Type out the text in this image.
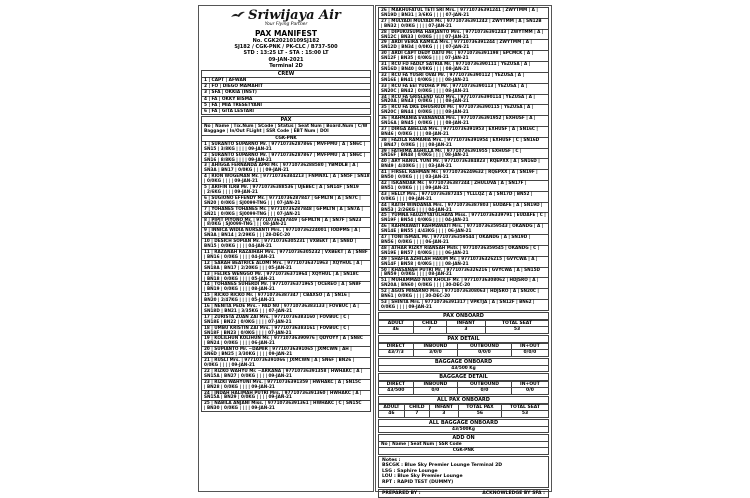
Sriwijaya Air
Your Flying Partner
PAX MANIFEST
No. CGK20210109SJ182
SJ182 / CGK-PNK / PK-CLC / B737-500
STD : 13:25 LT - STA : 15:00 LT
09-JAN-2021
Terminal 2D
CREW
1 | CAPT | AFWAN
2 | FO | DIEGO MAMAHIT
3 | SFA | OKKIA (INST)
4 | FA | OKKY BISMA
5 | FA | MIA TRESETYANI
6 | FA | GITA LESTARI
PAX
No | Name | Tix.Num | SCode | Status | Seat Num | Board.Num | C/W Baggage | In/Out FLight | SSR Code | EBT Num | DOI
CGK-PNK
1 | SURANTO SUPARNO Mr. | 97710736287866 | MVFPMU | A | SN6C |
SN15 | 3/8KG | | | | 09-JAN-21
2 | SURANTO SUPARNO Mr. | 97710736287867 | MVFPMU | A | SN6C |
SN16 | 8/8KG | | | | 09-JAN-21
3 | AHIGGA FERNANDA APRI Mr. | 97710736288580 | YBMDLB | A |
SN3A | BN17 | 0/0KG | | | | 09-JAN-21
4 | RION WOGEMAN Mr. | 97710736384213 | FNMNXL | A | SN5F | SN18
| 0/0KG | | | | 09-JAN-21
5 | ARIFIN ILRB Mr. | 97710736388536 | UJEBEC | A | SN14F | SN19
| 2/6KG | | | | 09-JAN-21
6 | SUGIONO EFFENDY Mr. | 97710736287847 | GFMLTN | A | SN7C |
SN20 | 0/0KG | SJ0099-TNG | | | 07-JAN-21
7 | YOHANES TOHANES Mr. | 97710736287848 | GFMLTN | A | SN7A |
SN21 | 0/0KG | SJ0099-TNG | | | 07-JAN-21
8 | PIPIT PIYONO Mr. | 97710736287849 | GFMLTN | A | SN7F | SN23
| 8/0KG | SJ0099-TNG | | | 08-JAN-21
9 | INNICA WIDIA NURSANTI Mrs. | 97710736224001 | IODPMS | A |
SN3A | BN14 | 2/29KG | | | 28-DEC-20
10 | DESICH SOPIAN Mr. | 97710736305231 | VXBEKT | A | SN8D |
BN15 | 0/0KG | | | | 04-JAN-21
11 | RAZANAH RAZAIHAH Mrs. | 97710736305232 | VXBEKT | A | SN8F
| BN16 | 0/0KG | | | | 04-JAN-21
12 | SARAH BEATRICE ALOMI Mrs. | 97710736371963 | XQYHUL | A |
SN18A | BN17 | 2/20KG | | | 05-JAN-21
13 | FELIKS WENGGO Mr. | 97710736371964 | XQYHUL | A | SN18C
| BN18 | 0/0KG | | | | 05-JAN-21
14 | TOHANES SUHERDI Mr. | 97710736371965 | OCEREO | A | SN8F
| BN19 | 0/0KG | | | | 08-JAN-21
15 | RICKO RICKO Mr. | 97710736387347 | CBAXSO | A | SN16 |
BN20 | 2/47KG | | | | 05-JAN-21
16 | NENITA PEDE Mrs. - PAD NU | 97710736383133 | FOVBUC | A |
SN18D | BN21 | 3/35KG | | | 07-JAN-21
17 | ZURISTA ZUAN ZAI Mrs. | 97710736383160 | FOVBUC | C |
SN18E | BN22 | 0/0KG | | | | 07-JAN-21
18 | UMBU KRISTIN ZAI Mrs. | 97710736383161 | FOVBUC | C |
SN18F | BN23 | 0/0KG | | | | 07-JAN-21
19 | KOLILHUN KOLIHUN Mr. | 97710736390976 | QDYOYY | A | SN8C
| BN24 | 0/0KG | | | | 06-JAN-21
20 | SUPIANTO Mr. ~DAMIR | 97710736391065 | JXMCWN | AH |
SN6D | BN25 | 3/30KG | | | | 09-JAN-21
21 | RUSLI Mrs. | 97710736391066 | JXMCWN | A | SN6F | BN26 |
0/0KG | | | | 09-JAN-21
22 | RIZKO WAHYU Mr. ~ARKANA | 97710736391358 | HWHAKC | A |
SN15A | BN27 | 0/0KG | | | | 09-JAN-21
23 | RIZKI WAHYUNI Mrs. | 97710736391359 | HWHAKC | A | SN15C
| BN28 | 0/0KG | | | | 09-JAN-21
24 | INDAH HALIMAH PUTRI Mrs. | 97710736391360 | HWHAKC | A |
SN15A | BN29 | 0/0KG | | | | 09-JAN-21
25 | NABILA ANJANI Miss. | 97710736391361 | HWHAKC | C | SN15C
| BN30 | 0/0KG | | | | 09-JAN-21
26 | MAKHUFATUL TETI SRI Mrs. | 97710736391241 | ZWYTMM | A |
SN19D | BN31 | 3/6KG | | | | 07-JAN-21
27 | MULYADI MULYADI Mr. | 97710736391242 | ZWYTMM | A | SN12B
| BN32 | 0/0KG | | | | 07-JAN-21
28 | DIPUKUSUMA HARJANTO Mrs. | 97710736391243 | ZWYTMM | A |
SN12C | BN33 | 0/0KG | | | | 07-JAN-21
29 | ARDI VEIRA KAMILA Mrs. | 97710736391244 | ZWYTMM | A |
SN12D | BN34 | 0/0KG | | | | 07-JAN-21
30 | ARDI CAPT DEDY DATU Mr. | 97710736391198 | EPCMCK | A |
SN12F | BN35 | 0/0KG | | | | 07-JAN-21
31 | RCU FD FADLY SATRIA Mr. | 97710736390111 | YEZUSA | A |
SN16D | BN40 | 0/0KG | | | | 08-JAN-21
32 | RCU FA YUSRI OVAI Mr. | 97710736390112 | YEZUSA | A |
SN16E | BN41 | 0/0KG | | | | 08-JAN-21
33 | RCU FA EEI YUDHA P Mr. | 97710736390113 | YEZUSA | A |
SN20C | BN42 | 0/0KG | | | | 08-JAN-21
34 | RCU FA GRISLEND GLO Mrs. | 97710736390114 | YEZUSA | A |
SN20A | BN43 | 0/0KG | | | | 08-JAN-21
35 | RCU FA DKE DHUSRUDI Mr. | 97710736390115 | YEZUSA | A |
SN20C | BN44 | 0/0KG | | | | 08-JAN-21
36 | RAHMANIA EVANANDA Mrs. | 97710736391952 | EXHUSF | A |
SN16A | BN45 | 0/0KG | | | | 08-JAN-21
37 | DIRGA ABELLIA Mrs. | 97710736391953 | EXHUSF | A | SN16C |
BN46 | 0/0KG | | | | 08-JAN-21
38 | FAZILA RAMANIA Mrs. | 97710736391954 | EXHUSF | C | SN16D
| BN47 | 0/0KG | | | | 08-JAN-21
39 | FATHIMA AGHILLA Mr. | 97710736391955 | EXHUSF | C |
SN16F | BN48 | 0/0KG | | | | 08-JAN-21
40 | ARY HANUL YUNI Mr. | 97710736384823 | RQEPXX | A | SN16D |
BN49 | 4/40KG | | | | 03-JAN-21
41 | FIRSEL RAHMAN Mr. | 97710736249632 | RQEPXX | A | SN19F |
BN50 | 0/0KG | | | | 03-JAN-21
42 | ISKANDAR Mr. | 97710736387244 | ZHULUVA | A | SN17F |
BN51 | 0/0KG | | | | 09-JAN-21
43 | HELLY Mrs. | 97710736387245 | YLLLQZ | A | SN17D | BN52 |
0/0KG | | | | 09-JAN-21
44 | RATIH WINDANIA Mrs. | 97710736387803 | EUDAFE | A | SN19D |
BN53 | 2/26KG | | | | 04-JAN-21
45 | YUMNA FAUZIYYATULHAYA Miss. | 97710736339791 | EUDAFE | C |
SN19F | BN54 | 0/0KG | | | | 04-JAN-21
46 | RAHMAWATI RAHMAWATI Mrs. | 97710736359543 | OKANDG | A |
SN14E | BN55 | 4/43KG | | | | 06-JAN-21
47 | TONI ISMAIL Mr. | 97710736359544 | OKANDG | A | SN19D |
BN56 | 0/0KG | | | | 06-JAN-21
48 | ATHAR RIZKY RIANSAH Mstr. | 97710736359545 | OKANDG | C |
SN19E | BN57 | 0/0KG | | | | 06-JAN-21
49 | SHAFIA AZHILAH HAKIM Mr. | 97710736326215 | GVYCWA | A |
SN14F | BN58 | 0/0KG | | | | 08-JAN-21
50 | KHASANAH PUTRI Mr. | 97710736326216 | GVYCWA | A | SN15D
| BN59 | 0/0KG | | | | 08-JAN-21
51 | MUHAMMAD NUR KHOLIF Mr. | 97710736308062 | HDJSRO | A |
SN20A | BN60 | 0/0KG | | | | 30-DEC-20
52 | AGUS MINARNO Mrs. | 97710736308063 | HDJSRO | A | SN20C |
BN61 | 0/0KG | | | | 30-DEC-20
53 | SHINTA Mrs. | 97710736391317 | VPKTJA | A | SN12F | BN62 |
0/0KG | | | | 09-JAN-21
PAX ONBOARD
ADULT	CHILD	INFANT	TOTAL SEAT
46	7	3	53
PAX DETAIL
DIRECT	INBOUND	OUTBOUND	IN+OUT
43/7/3	3/0/0	0/0/0	0/0/0
BAGGAGE ONBOARD
43/500 Kg
BAGGAGE DETAIL
DIRECT	INBOUND	OUTBOUND	IN+OUT
43/500	0/0	0/0	0/0
ALL PAX ONBOARD
ADULT	CHILD	INFANT	TOTAL PAX	TOTAL SEAT
46	7	3	56	53
ALL BAGGAGE ONBOARD
43/500Kg
ADD ON
No | Name | Seat Num | SSR Code
CGK-PNK
Notes :
BSCGK : Blue Sky Premier Lounge Terminal 2D
LSG : Saphire Lounge
LOU : Blue Sky Premier Lounge
RPT : RAPID TEST (DUMMY)
PREPARED BY :	ACKNOWLEDGE BY SFA :
